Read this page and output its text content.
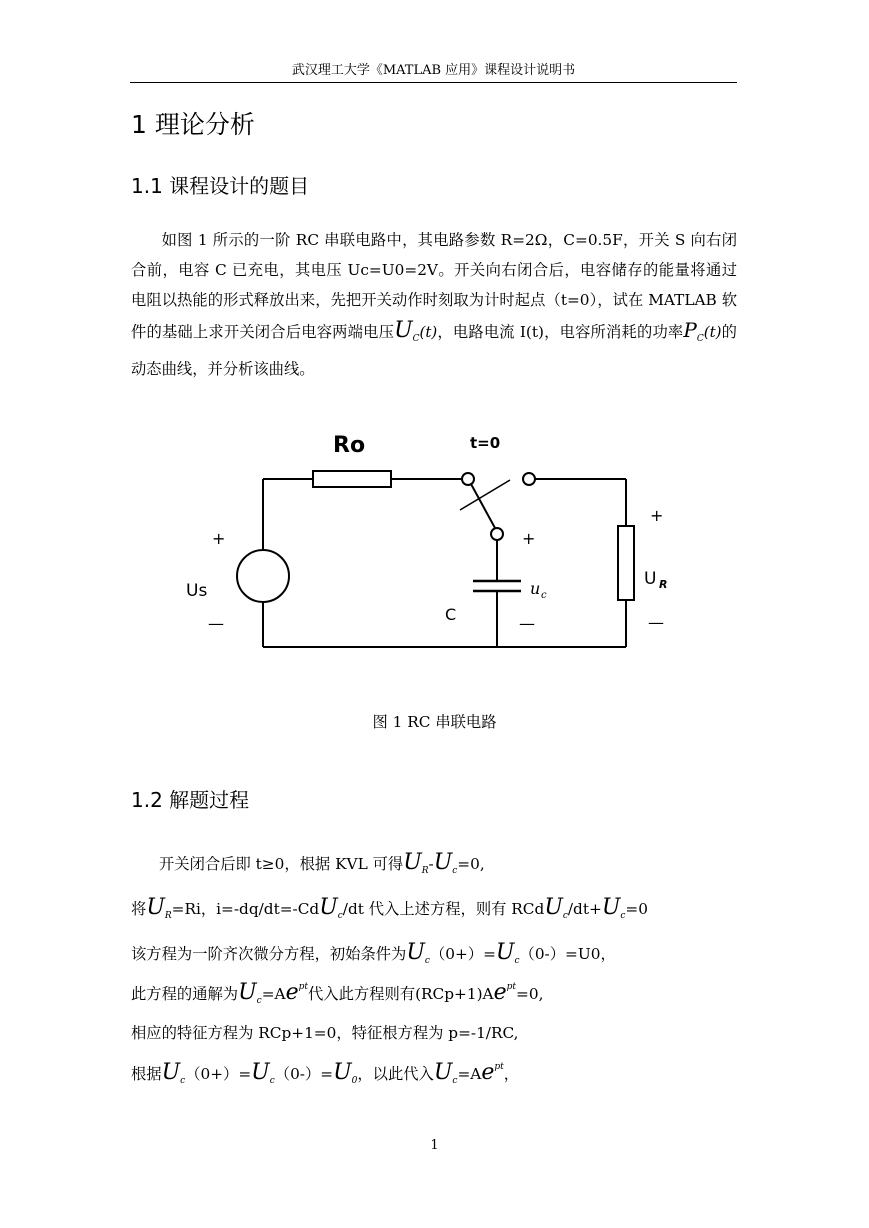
武汉理工大学《MATLAB 应用》课程设计说明书
1 理论分析
1.1 课程设计的题目

如图 1 所示的一阶 RC 串联电路中，其电路参数 R=2Ω，C=0.5F，开关 S 向右闭合前，电容 C 已充电，其电压 Uc=U0=2V。开关向右闭合后，电容储存的能量将通过电阻以热能的形式释放出来，先把开关动作时刻取为计时起点（t=0），试在 MATLAB 软件的基础上求开关闭合后电容两端电压$U_C(t)$，电路电流 I(t)，电容所消耗的功率$P_C(t)$的动态曲线，并分析该曲线。

Ro	t=0
+
Us
—
+
C
u c
—
+
U R
—
图 1 RC 串联电路
1.2 解题过程
开关闭合后即 t≥0，根据 KVL 可得$U_R-U_c=0$,
将$U_R=Ri$，i=-dq/dt=-CdU$_c$/dt 代入上述方程，则有 $RCdU_c/dt+U_c=0$
该方程为一阶齐次微分方程，初始条件为$U_c(0+)=U_c(0-)=U0$，
此方程的通解为$U_c=Ae^{pt}$代入此方程则有$(RCp+1)Ae^{pt}=0$,
相应的特征方程为 RCp+1=0，特征根方程为 p=-1/RC,
根据$U_c(0+)=U_c(0-)=U_0$，以此代入$U_c=Ae^{pt}$，
1
